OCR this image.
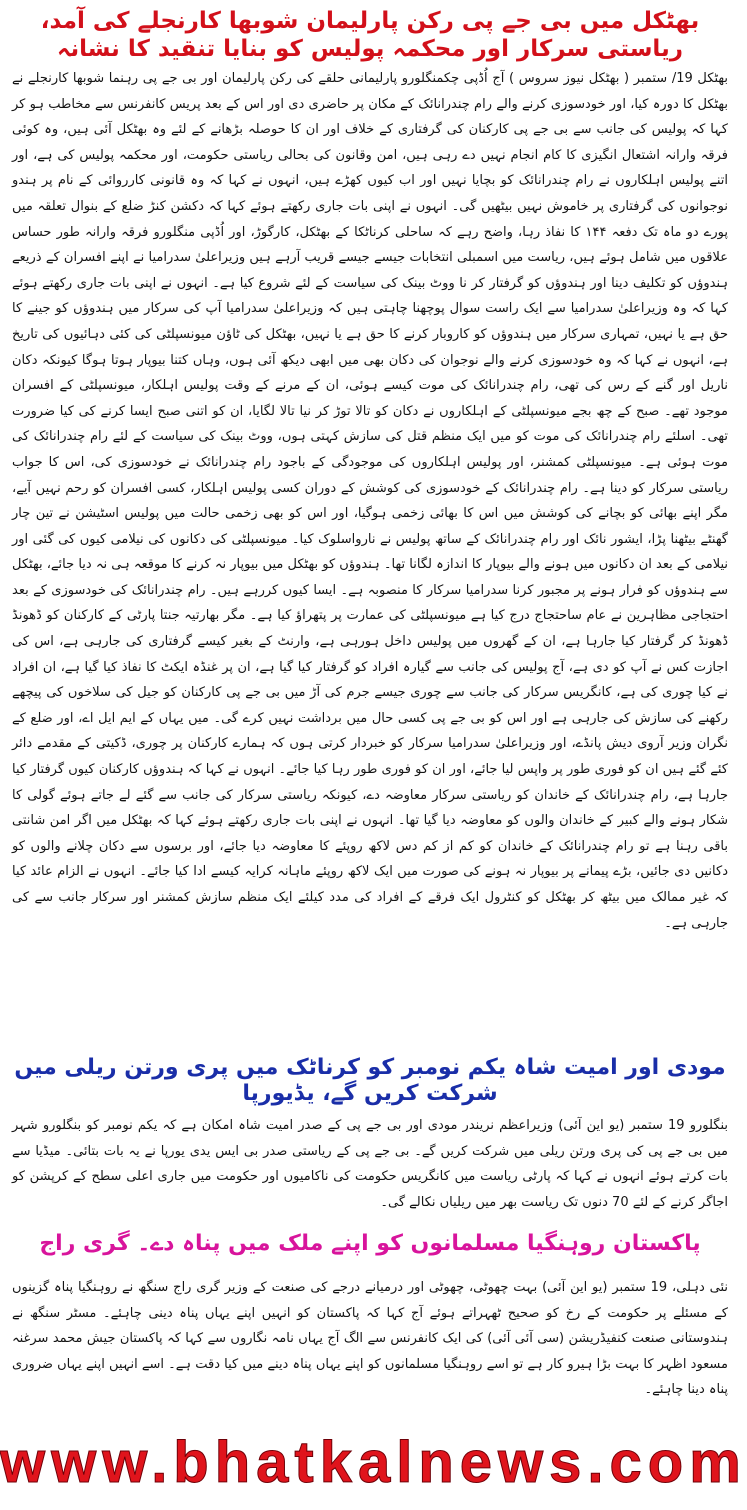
بھٹکل میں بی جے پی رکن پارلیمان شوبھا کارنجلے کی آمد، ریاستی سرکار اور محکمہ پولیس کو بنایا تنقید کا نشانہ

بھٹکل 19/ ستمبر ( بھٹکل نیوز سروس ) آج اُڈپی چکمنگلورو پارلیمانی حلقے کی رکن پارلیمان اور بی جے پی رہنما شوبھا کارنجلے نے بھٹکل کا دورہ کیا، اور خودسوزی کرنے والے رام چندرانائک کے مکان پر حاضری دی اور اس کے بعد پریس کانفرنس سے مخاطب ہو کر کہا کہ پولیس کی جانب سے بی جے پی کارکنان کی گرفتاری کے خلاف اور ان کا حوصلہ بڑھانے کے لئے وہ بھٹکل آئی ہیں، وہ کوئی فرقہ وارانہ اشتعال انگیزی کا کام انجام نہیں دے رہی ہیں، امن وقانون کی بحالی ریاستی حکومت، اور محکمہ پولیس کی ہے، اور اتنے پولیس اہلکاروں نے رام چندرانائک کو بچایا نہیں اور اب کیوں کھڑے ہیں، انہوں نے کہا کہ وہ قانونی کارروائی کے نام پر ہندو نوجوانوں کی گرفتاری پر خاموش نہیں بیٹھیں گی۔ انہوں نے اپنی بات جاری رکھتے ہوئے کہا کہ دکشن کنڑ ضلع کے بنوال تعلقہ میں پورے دو ماہ تک دفعہ ۱۴۴ کا نفاذ رہا، واضح رہے کہ ساحلی کرناٹکا کے بھٹکل، کارگوڑ، اور اُڈپی منگلورو فرقہ وارانہ طور حساس علاقوں میں شامل ہوئے ہیں، ریاست میں اسمبلی انتخابات جیسے جیسے قریب آرہے ہیں وزیراعلیٰ سدرامیا نے اپنے افسران کے ذریعے ہندوؤں کو تکلیف دینا اور ہندوؤں کو گرفتار کر نا ووٹ بینک کی سیاست کے لئے شروع کیا ہے۔ انہوں نے اپنی بات جاری رکھتے ہوئے کہا کہ وہ وزیراعلیٰ سدرامیا سے ایک راست سوال پوچھنا چاہتی ہیں کہ وزیراعلیٰ سدرامیا آپ کی سرکار میں ہندوؤں کو جینے کا حق ہے یا نہیں، تمہاری سرکار میں ہندوؤں کو کاروبار کرنے کا حق ہے یا نہیں، بھٹکل کی ٹاؤن میونسپلٹی کی کئی دہائیوں کی تاریخ ہے، انہوں نے کہا کہ وہ خودسوزی کرنے والے نوجوان کی دکان بھی میں ابھی دیکھ آئی ہوں، وہاں کتنا بیوپار ہوتا ہوگا کیونکہ دکان ناریل اور گنے کے رس کی تھی، رام چندرانائک کی موت کیسے ہوئی، ان کے مرنے کے وقت پولیس اہلکار، میونسپلٹی کے افسران موجود تھے۔ صبح کے چھ بجے میونسپلٹی کے اہلکاروں نے دکان کو تالا توڑ کر نیا تالا لگایا، ان کو اتنی صبح ایسا کرنے کی کیا ضرورت تھی۔ اسلئے رام چندرانائک کی موت کو میں ایک منظم قتل کی سازش کہتی ہوں، ووٹ بینک کی سیاست کے لئے رام چندرانائک کی موت ہوئی ہے۔ میونسپلٹی کمشنر، اور پولیس اہلکاروں کی موجودگی کے باجود رام چندرانائک نے خودسوزی کی، اس کا جواب ریاستی سرکار کو دینا ہے۔ رام چندرانائک کے خودسوزی کی کوشش کے دوران کسی پولیس اہلکار، کسی افسران کو رحم نہیں آیے، مگر اپنے بھائی کو بچانے کی کوشش میں اس کا بھائی زخمی ہوگیا، اور اس کو بھی زخمی حالت میں پولیس اسٹیشن نے تین چار گھنٹے بیٹھنا پڑا، ایشور نائک اور رام چندرانائک کے ساتھ پولیس نے نارواسلوک کیا۔ میونسپلٹی کی دکانوں کی نیلامی کیوں کی گئی اور نیلامی کے بعد ان دکانوں میں ہونے والے بیوپار کا اندازہ لگانا تھا۔ ہندوؤں کو بھٹکل میں بیوپار نہ کرنے کا موقعہ ہی نہ دیا جائے، بھٹکل سے ہندوؤں کو فرار ہونے پر مجبور کرنا سدرامیا سرکار کا منصوبہ ہے۔ ایسا کیوں کررہے ہیں۔ رام چندرانائک کی خودسوزی کے بعد احتجاجی مظاہرین نے عام ساحتجاج درج کیا ہے میونسپلٹی کی عمارت پر پتھراؤ کیا ہے۔ مگر بھارتیہ جنتا پارٹی کے کارکنان کو ڈھونڈ ڈھونڈ کر گرفتار کیا جارہا ہے، ان کے گھروں میں پولیس داخل ہورہی ہے، وارنٹ کے بغیر کیسے گرفتاری کی جارہی ہے، اس کی اجازت کس نے آپ کو دی ہے، آج پولیس کی جانب سے گیارہ افراد کو گرفتار کیا گیا ہے، ان پر غنڈہ ایکٹ کا نفاذ کیا گیا ہے، ان افراد نے کیا چوری کی ہے، کانگریس سرکار کی جانب سے چوری جیسے جرم کی آڑ میں بی جے پی کارکنان کو جیل کی سلاخوں کی پیچھے رکھنے کی سازش کی جارہی ہے اور اس کو بی جے پی کسی حال میں برداشت نہیں کرے گی۔ میں یہاں کے ایم ایل اے، اور ضلع کے نگران وزیر آروی دیش پانڈے، اور وزیراعلیٰ سدرامیا سرکار کو خبردار کرتی ہوں کہ ہمارے کارکنان پر چوری، ڈکیتی کے مقدمے دائر کئے گئے ہیں ان کو فوری طور پر واپس لیا جائے، اور ان کو فوری طور رہا کیا جائے۔ انہوں نے کہا کہ ہندوؤں کارکنان کیوں گرفتار کیا جارہا ہے، رام چندرانائک کے خاندان کو ریاستی سرکار معاوضہ دے، کیونکہ ریاستی سرکار کی جانب سے گئے لے جاتے ہوئے گولی کا شکار ہونے والے کبیر کے خاندان والوں کو معاوضہ دیا گیا تھا۔ انہوں نے اپنی بات جاری رکھتے ہوئے کہا کہ بھٹکل میں اگر امن شانتی باقی رہنا ہے تو رام چندرانائک کے خاندان کو کم از کم دس لاکھ روپئے کا معاوضہ دیا جائے، اور برسوں سے دکان چلانے والوں کو دکانیں دی جائیں، بڑے پیمانے پر بیوپار نہ ہونے کی صورت میں ایک لاکھ روپئے ماہانہ کرایہ کیسے ادا کیا جائے۔ انہوں نے الزام عائد کیا کہ غیر ممالک میں بیٹھ کر بھٹکل کو کنٹرول ایک فرقے کے افراد کی مدد کیلئے ایک منظم سازش کمشنر اور سرکار جانب سے کی جارہی ہے۔

مودی اور امیت شاہ یکم نومبر کو کرناٹک میں پری ورتن ریلی میں شرکت کریں گے، یڈیورپا

بنگلورو 19 ستمبر (یو این آئی) وزیراعظم نریندر مودی اور بی جے پی کے صدر امیت شاہ امکان ہے کہ یکم نومبر کو بنگلورو شہر میں بی جے پی کی پری ورتن ریلی میں شرکت کریں گے۔ بی جے پی کے ریاستی صدر بی ایس یدی یورپا نے یہ بات بتائی۔ میڈیا سے بات کرتے ہوئے انہوں نے کہا کہ پارٹی ریاست میں کانگریس حکومت کی ناکامیوں اور حکومت میں جاری اعلی سطح کے کرپشن کو اجاگر کرنے کے لئے 70 دنوں تک ریاست بھر میں ریلیاں نکالے گی۔

پاکستان روہنگیا مسلمانوں کو اپنے ملک میں پناہ دے۔ گری راج

نئی دہلی، 19 ستمبر (یو این آئی) بہت چھوٹی، چھوٹی اور درمیانے درجے کی صنعت کے وزیر گری راج سنگھ نے روہنگیا پناہ گزینوں کے مسئلے پر حکومت کے رخ کو صحیح ٹھہراتے ہوئے آج کہا کہ پاکستان کو انہیں اپنے یہاں پناہ دینی چاہئے۔ مسٹر سنگھ نے ہندوستانی صنعت کنفیڈریشن (سی آئی آئی) کی ایک کانفرنس سے الگ آج یہاں نامہ نگاروں سے کہا کہ پاکستان جیش محمد سرغنہ مسعود اظہر کا بہت بڑا ہیرو کار ہے تو اسے روہنگیا مسلمانوں کو اپنے یہاں پناہ دینے میں کیا دقت ہے۔ اسے انہیں اپنے یہاں ضروری پناہ دینا چاہئے۔

www.bhatkalnews.com
